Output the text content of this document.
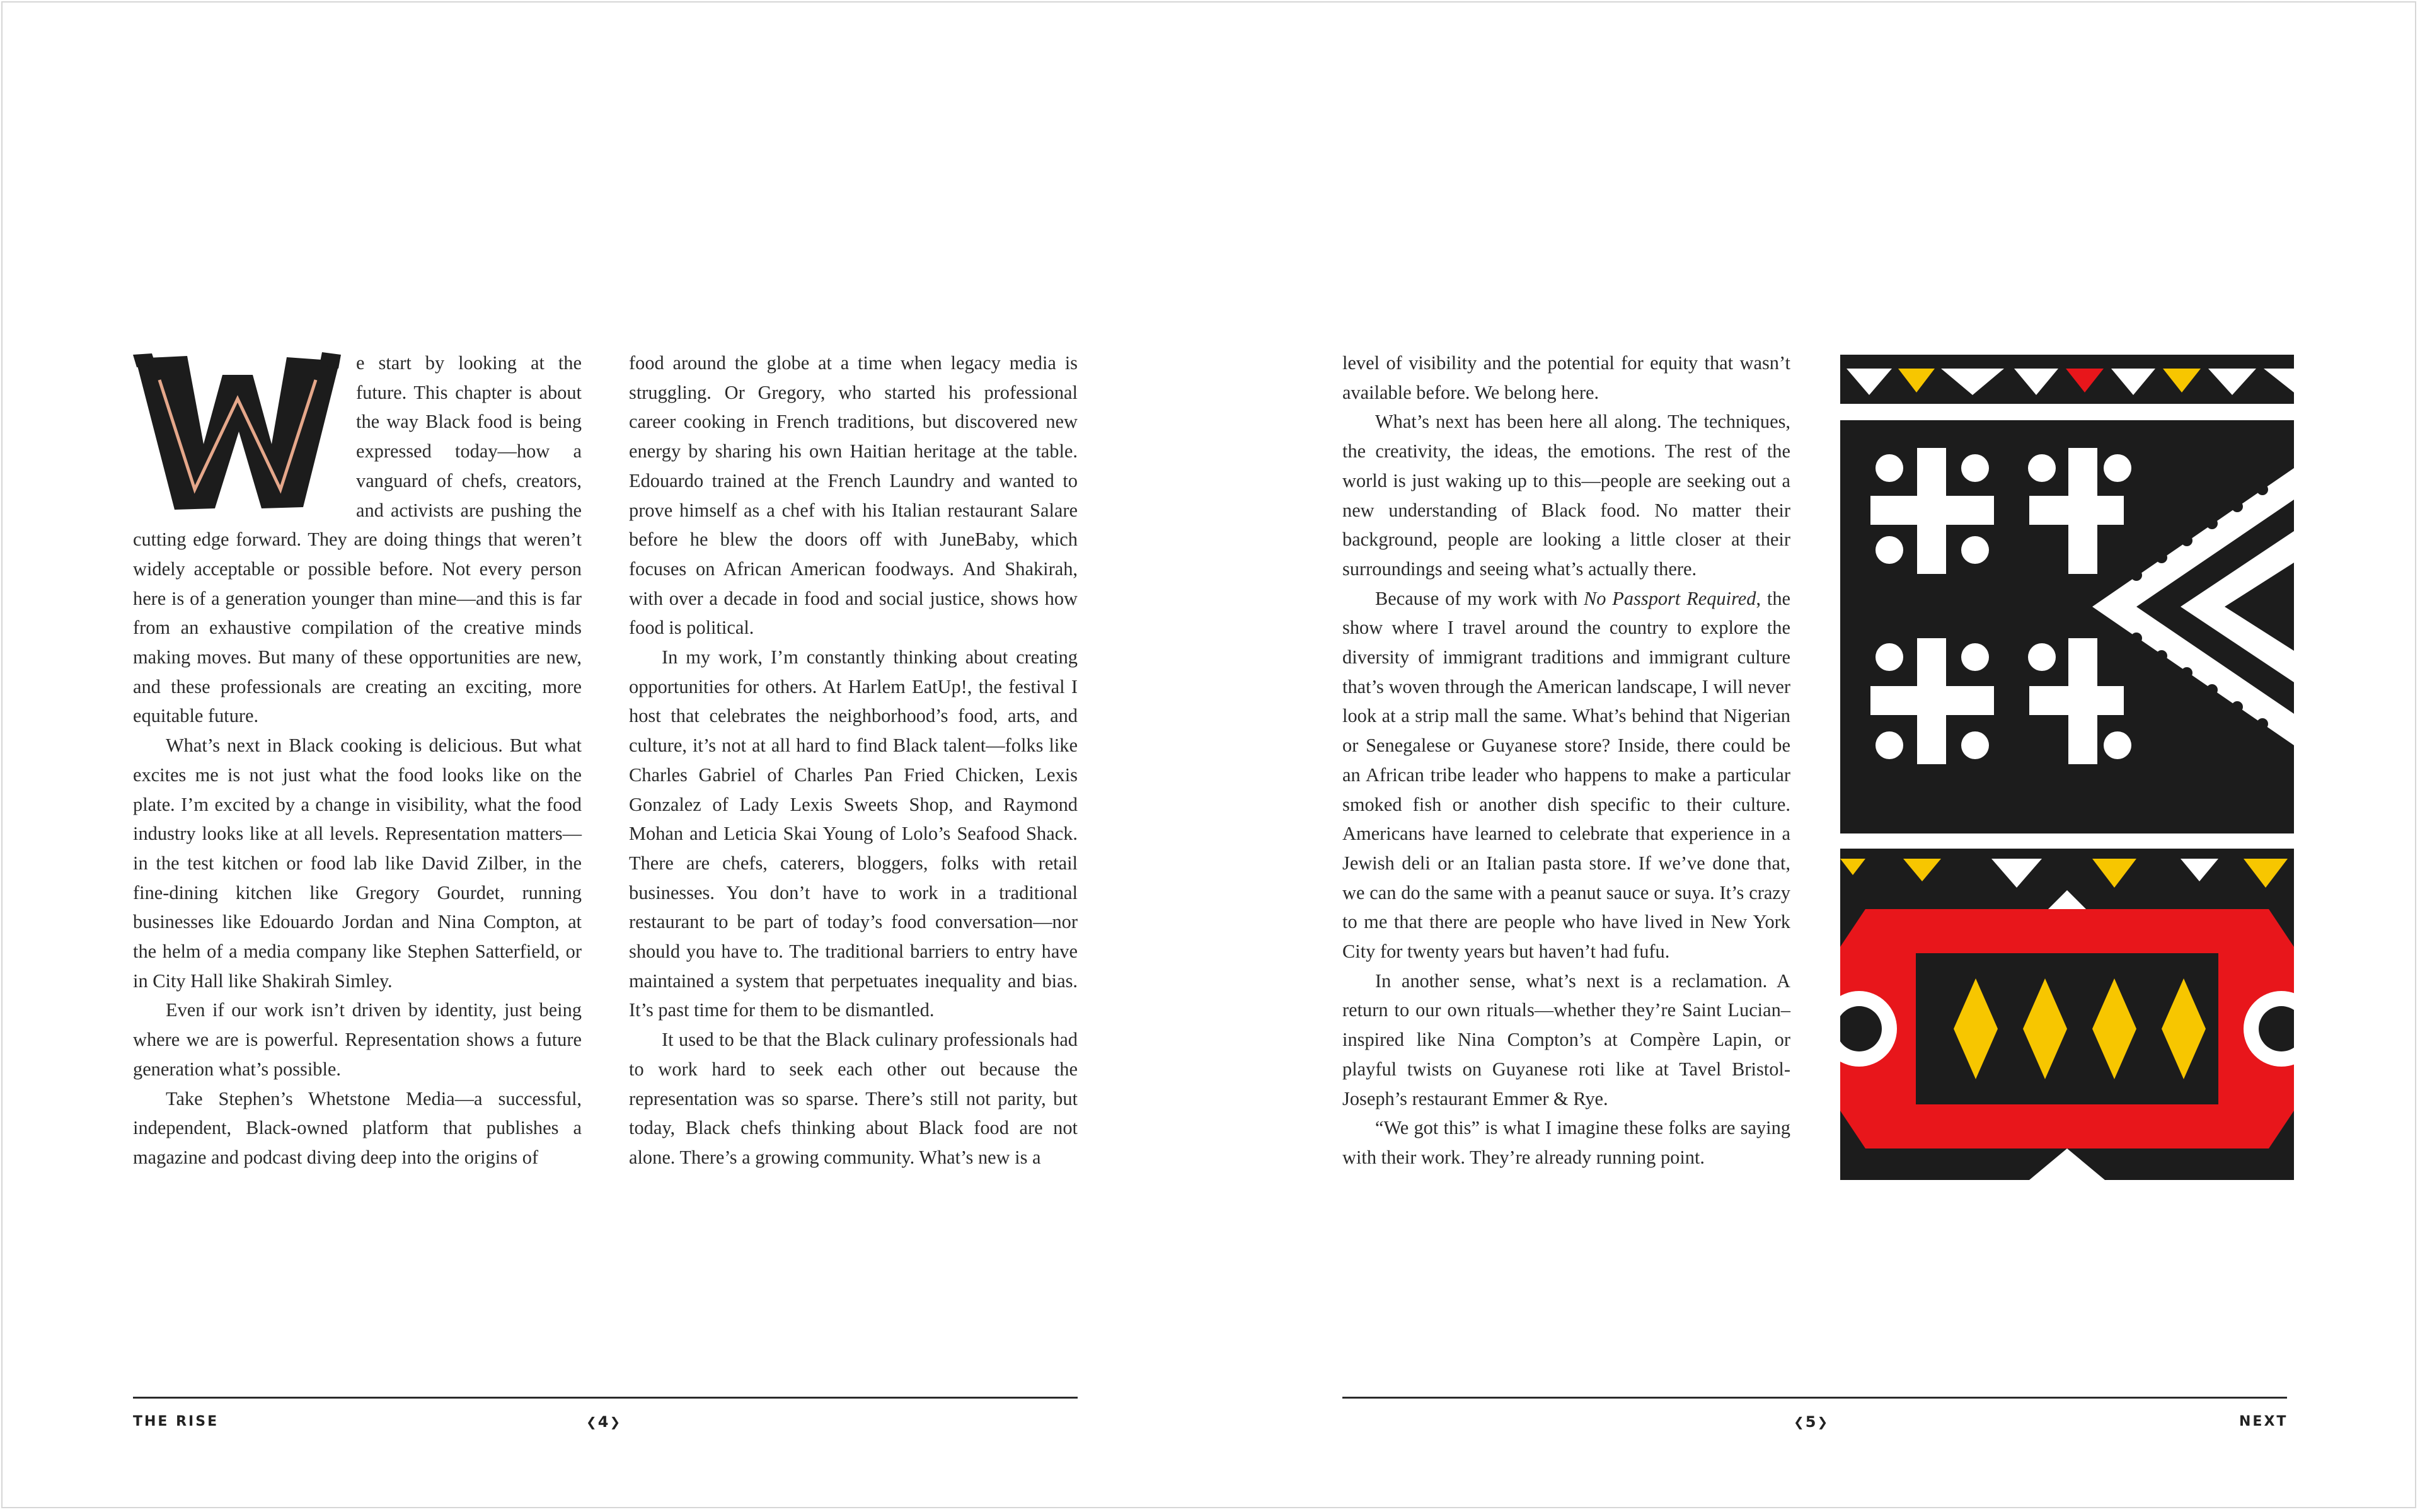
W

e start by looking at the future. This chapter is about the way Black food is being expressed today—how a vanguard of chefs, creators, and activists are pushing the cutting edge forward. They are doing things that weren’t widely acceptable or possible before. Not every person here is of a generation younger than mine—and this is far from an exhaustive compilation of the creative minds making moves. But many of these opportunities are new, and these professionals are creating an exciting, more equitable future.

What’s next in Black cooking is delicious. But what excites me is not just what the food looks like on the plate. I’m excited by a change in visibility, what the food industry looks like at all levels. Representation matters—in the test kitchen or food lab like David Zilber, in the fine-dining kitchen like Gregory Gourdet, running businesses like Edouardo Jordan and Nina Compton, at the helm of a media company like Stephen Satterfield, or in City Hall like Shakirah Simley.

Even if our work isn’t driven by identity, just being where we are is powerful. Representation shows a future generation what’s possible.

Take Stephen’s Whetstone Media—a successful, independent, Black-owned platform that publishes a magazine and podcast diving deep into the origins of

food around the globe at a time when legacy media is struggling. Or Gregory, who started his professional career cooking in French traditions, but discovered new energy by sharing his own Haitian heritage at the table. Edouardo trained at the French Laundry and wanted to prove himself as a chef with his Italian restaurant Salare before he blew the doors off with JuneBaby, which focuses on African American foodways. And Shakirah, with over a decade in food and social justice, shows how food is political.

In my work, I’m constantly thinking about creating opportunities for others. At Harlem EatUp!, the festival I host that celebrates the neighborhood’s food, arts, and culture, it’s not at all hard to find Black talent—folks like Charles Gabriel of Charles Pan Fried Chicken, Lexis Gonzalez of Lady Lexis Sweets Shop, and Raymond Mohan and Leticia Skai Young of Lolo’s Seafood Shack. There are chefs, caterers, bloggers, folks with retail businesses. You don’t have to work in a traditional restaurant to be part of today’s food conversation—nor should you have to. The traditional barriers to entry have maintained a system that perpetuates inequality and bias. It’s past time for them to be dismantled.

It used to be that the Black culinary professionals had to work hard to seek each other out because the representation was so sparse. There’s still not parity, but today, Black chefs thinking about Black food are not alone. There’s a growing community. What’s new is a

level of visibility and the potential for equity that wasn’t available before. We belong here.

What’s next has been here all along. The techniques, the creativity, the ideas, the emotions. The rest of the world is just waking up to this—people are seeking out a new understanding of Black food. No matter their background, people are looking a little closer at their surroundings and seeing what’s actually there.

Because of my work with No Passport Required, the show where I travel around the country to explore the diversity of immigrant traditions and immigrant culture that’s woven through the American landscape, I will never look at a strip mall the same. What’s behind that Nigerian or Senegalese or Guyanese store? Inside, there could be an African tribe leader who happens to make a particular smoked fish or another dish specific to their culture. Americans have learned to celebrate that experience in a Jewish deli or an Italian pasta store. If we’ve done that, we can do the same with a peanut sauce or suya. It’s crazy to me that there are people who have lived in New York City for twenty years but haven’t had fufu.

In another sense, what’s next is a reclamation. A return to our own rituals—whether they’re Saint Lucian–inspired like Nina Compton’s at Compère Lapin, or playful twists on Guyanese roti like at Tavel Bristol-Joseph’s restaurant Emmer & Rye.

“We got this” is what I imagine these folks are saying with their work. They’re already running point.

THE RISE	❮ 4 ❯	❮ 5 ❯	NEXT
